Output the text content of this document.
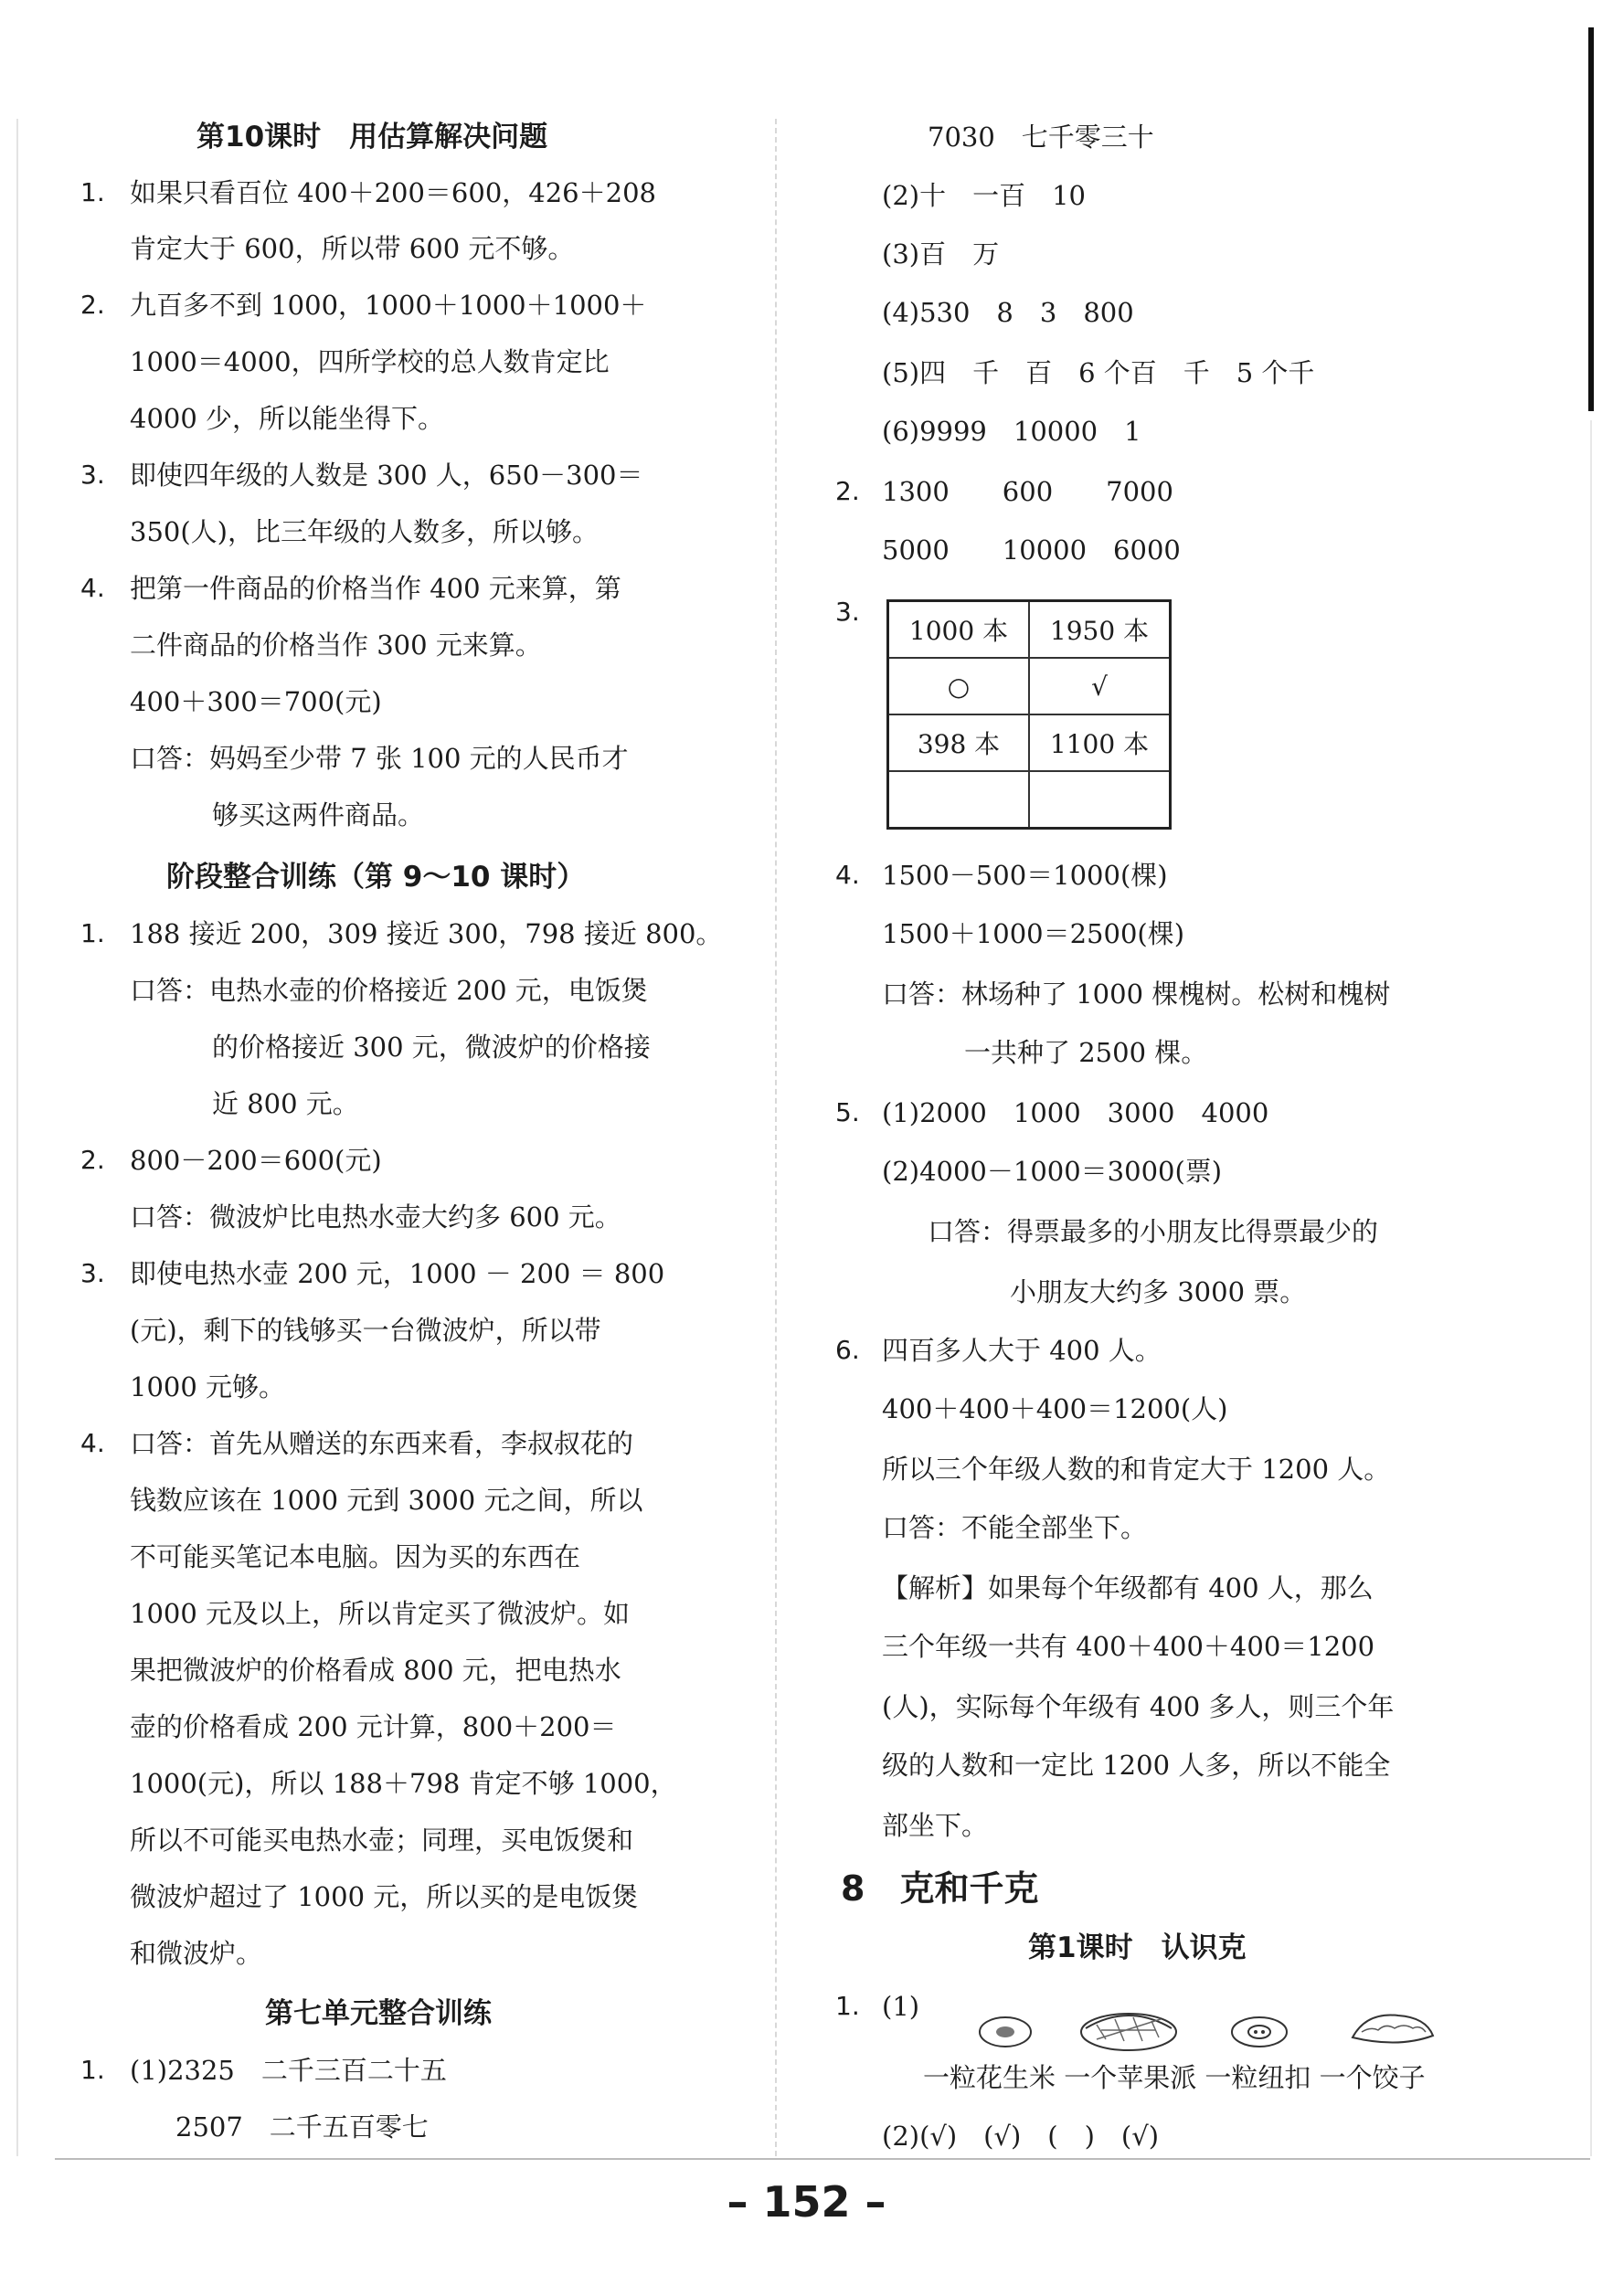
第10课时　用估算解决问题
1. 如果只看百位 400＋200＝600，426＋208
肯定大于 600，所以带 600 元不够。
2. 九百多不到 1000，1000＋1000＋1000＋
1000＝4000，四所学校的总人数肯定比
4000 少，所以能坐得下。
3. 即使四年级的人数是 300 人，650－300＝
350(人)，比三年级的人数多，所以够。
4. 把第一件商品的价格当作 400 元来算，第
二件商品的价格当作 300 元来算。
400＋300＝700(元)
口答：妈妈至少带 7 张 100 元的人民币才
够买这两件商品。
阶段整合训练（第 9～10 课时）
1. 188 接近 200，309 接近 300，798 接近 800。
口答：电热水壶的价格接近 200 元，电饭煲
的价格接近 300 元，微波炉的价格接
近 800 元。
2. 800－200＝600(元)
口答：微波炉比电热水壶大约多 600 元。
3. 即使电热水壶 200 元，1000 － 200 ＝ 800
(元)，剩下的钱够买一台微波炉，所以带
1000 元够。
4. 口答：首先从赠送的东西来看，李叔叔花的
钱数应该在 1000 元到 3000 元之间，所以
不可能买笔记本电脑。因为买的东西在
1000 元及以上，所以肯定买了微波炉。如
果把微波炉的价格看成 800 元，把电热水
壶的价格看成 200 元计算，800＋200＝
1000(元)，所以 188＋798 肯定不够 1000，
所以不可能买电热水壶；同理，买电饭煲和
微波炉超过了 1000 元，所以买的是电饭煲
和微波炉。
第七单元整合训练
1. (1)2325　二千三百二十五
2507　二千五百零七
7030　七千零三十
(2)十　一百　10
(3)百　万
(4)530　8　3　800
(5)四　千　百　6 个百　千　5 个千
(6)9999　10000　1
2. 1300　　600　　7000
5000　　10000　6000
3.
1000 本	1950 本
○	√
398 本	1100 本

4. 1500－500＝1000(棵)
1500＋1000＝2500(棵)
口答：林场种了 1000 棵槐树。松树和槐树
一共种了 2500 棵。
5. (1)2000　1000　3000　4000
(2)4000－1000＝3000(票)
口答：得票最多的小朋友比得票最少的
小朋友大约多 3000 票。
6. 四百多人大于 400 人。
400＋400＋400＝1200(人)
所以三个年级人数的和肯定大于 1200 人。
口答：不能全部坐下。
【解析】如果每个年级都有 400 人，那么
三个年级一共有 400＋400＋400＝1200
(人)，实际每个年级有 400 多人，则三个年
级的人数和一定比 1200 人多，所以不能全
部坐下。
8　克和千克
第1课时　认识克
1. (1)
一粒花生米 一个苹果派 一粒纽扣 一个饺子
(2)(√)　(√)　(　)　(√)
– 152 –
